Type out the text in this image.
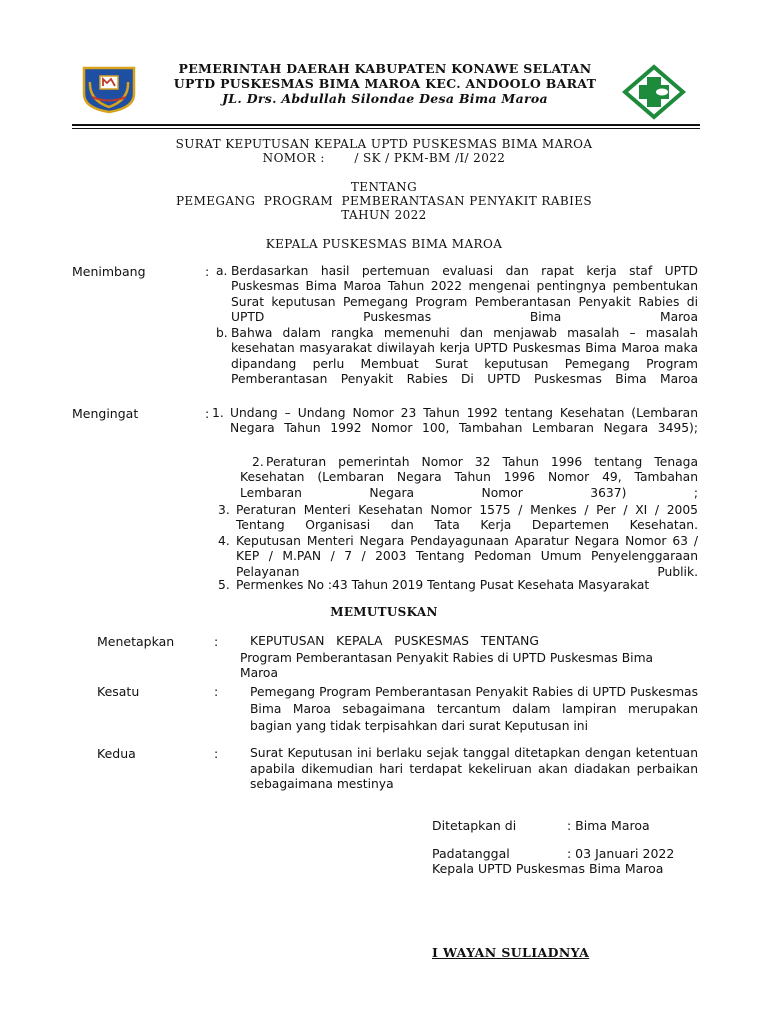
PEMERINTAH DAERAH KABUPATEN KONAWE SELATAN
UPTD PUSKESMAS BIMA MAROA KEC. ANDOOLO BARAT
JL. Drs. Abdullah Silondae Desa Bima Maroa
SURAT KEPUTUSAN KEPALA UPTD PUSKESMAS BIMA MAROA
NOMOR :       / SK / PKM-BM /I/ 2022
TENTANG
PEMEGANG  PROGRAM  PEMBERANTASAN PENYAKIT RABIES
TAHUN 2022
KEPALA PUSKESMAS BIMA MAROA
Menimbang	: a. Berdasarkan hasil pertemuan evaluasi dan rapat kerja staf UPTD Puskesmas Bima Maroa Tahun 2022 mengenai pentingnya pembentukan Surat keputusan Pemegang Program Pemberantasan Penyakit Rabies di UPTD Puskesmas Bima Maroa
b. Bahwa dalam rangka memenuhi dan menjawab masalah – masalah kesehatan masyarakat diwilayah kerja UPTD Puskesmas Bima Maroa maka dipandang perlu Membuat Surat keputusan Pemegang Program Pemberantasan Penyakit Rabies Di UPTD Puskesmas Bima Maroa
Mengingat	: 1. Undang – Undang Nomor 23 Tahun 1992 tentang Kesehatan (Lembaran Negara Tahun 1992 Nomor 100, Tambahan Lembaran Negara 3495);
2. Peraturan pemerintah Nomor 32 Tahun 1996 tentang Tenaga Kesehatan (Lembaran Negara Tahun 1996 Nomor 49, Tambahan Lembaran Negara Nomor 3637) ;
3. Peraturan Menteri Kesehatan Nomor 1575 / Menkes / Per / XI / 2005 Tentang Organisasi dan Tata Kerja Departemen Kesehatan.
4. Keputusan Menteri Negara Pendayagunaan Aparatur Negara Nomor 63 / KEP / M.PAN / 7 / 2003 Tentang Pedoman Umum Penyelenggaraan Pelayanan Publik.
5. Permenkes No :43 Tahun 2019 Tentang Pusat Kesehata Masyarakat
MEMUTUSKAN
Menetapkan	:	KEPUTUSAN   KEPALA   PUSKESMAS   TENTANG
Program Pemberantasan Penyakit Rabies di UPTD Puskesmas Bima Maroa
Kesatu	:	Pemegang Program Pemberantasan Penyakit Rabies di UPTD Puskesmas Bima Maroa sebagaimana tercantum dalam lampiran merupakan bagian yang tidak terpisahkan dari surat Keputusan ini
Kedua	:	Surat Keputusan ini berlaku sejak tanggal ditetapkan dengan ketentuan apabila dikemudian hari terdapat kekeliruan akan diadakan perbaikan sebagaimana mestinya
Ditetapkan di	: Bima Maroa
Padatanggal	: 03 Januari 2022
Kepala UPTD Puskesmas Bima Maroa
I WAYAN SULIADNYA
